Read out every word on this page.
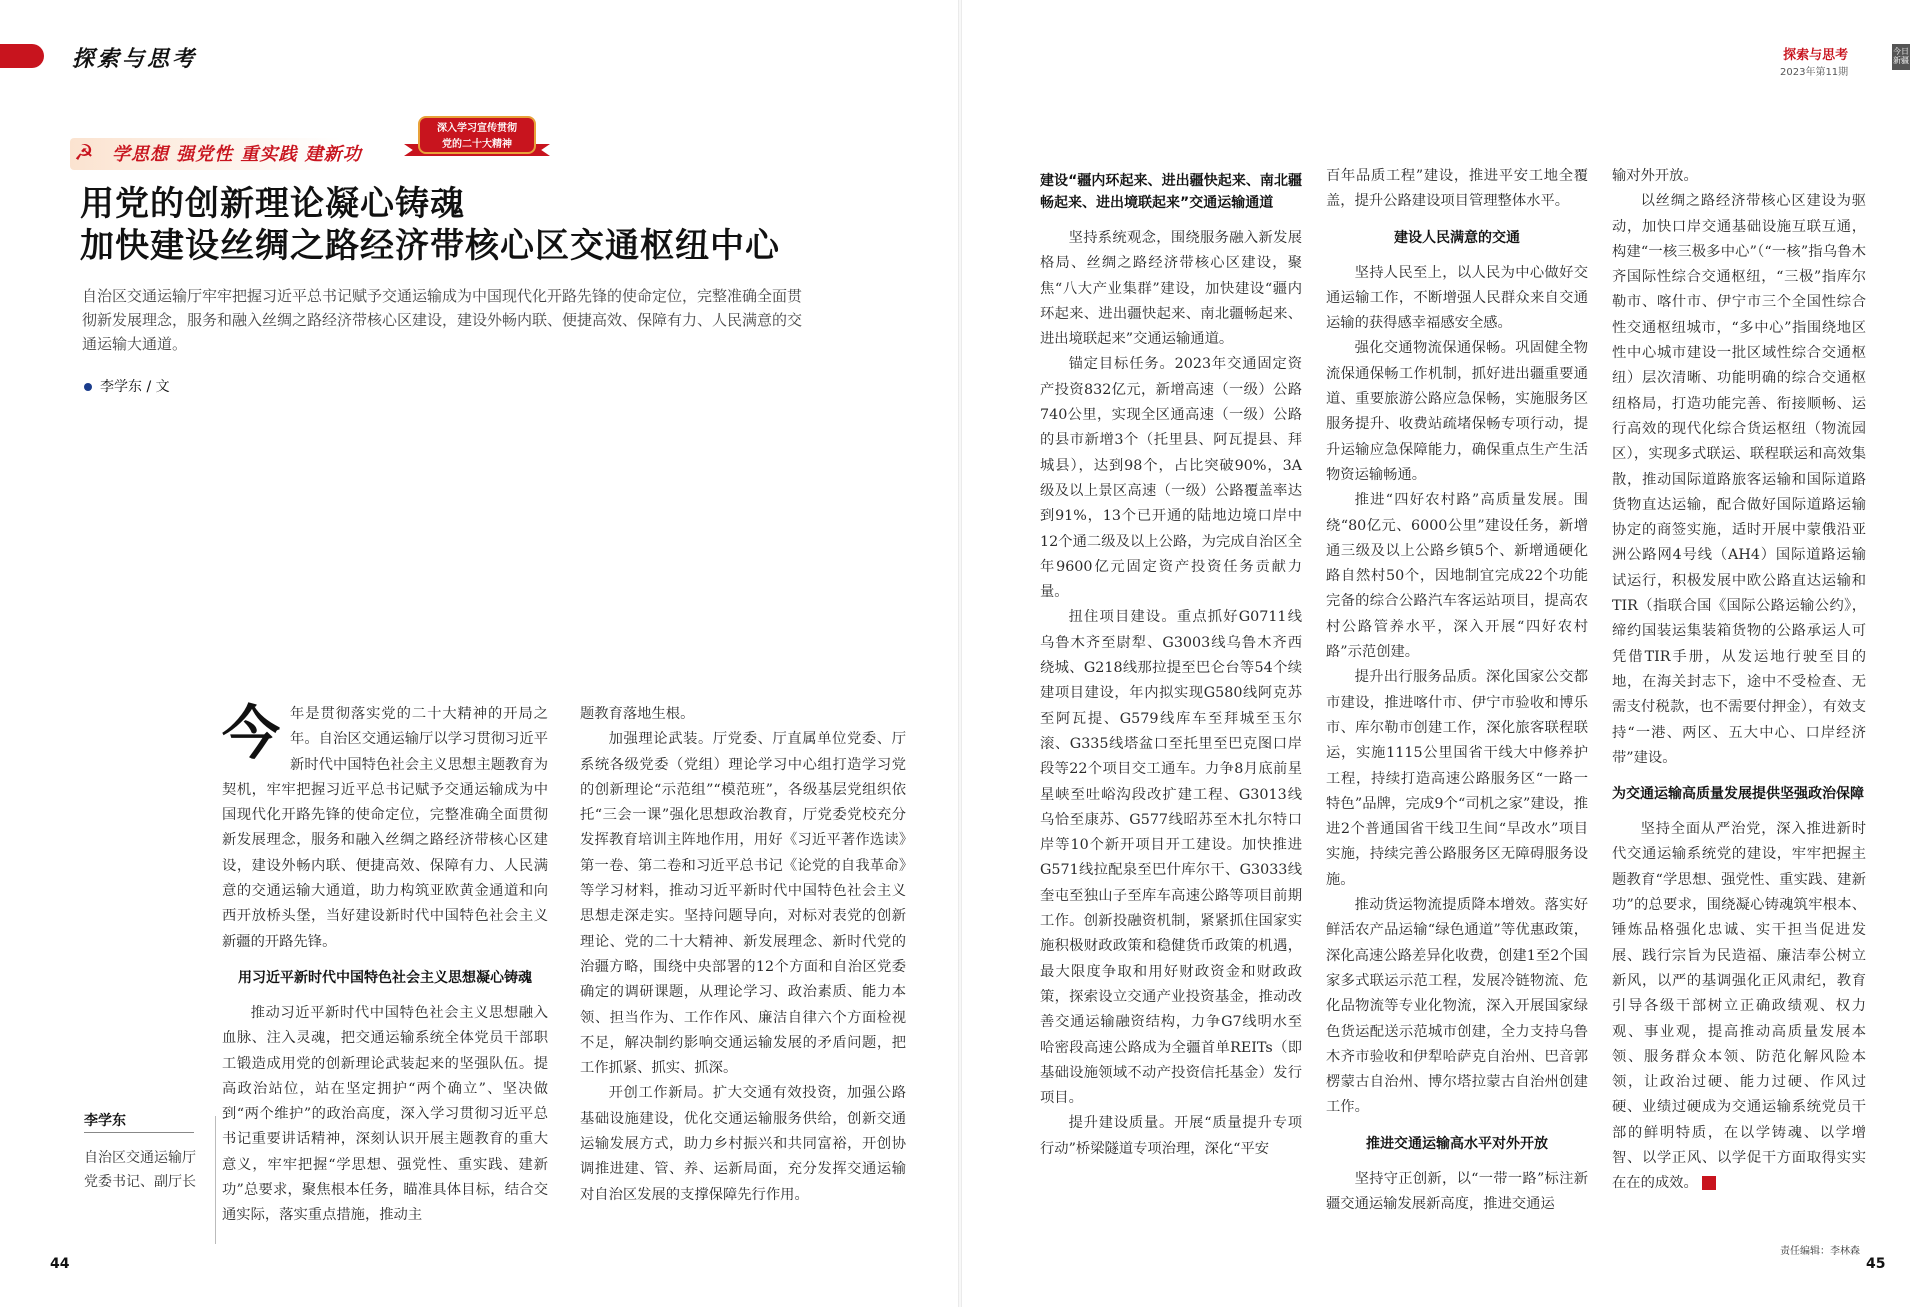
探索与思考
☭ 学思想 强党性 重实践 建新功
深入学习宣传贯彻
党的二十大精神
用党的创新理论凝心铸魂
加快建设丝绸之路经济带核心区交通枢纽中心
自治区交通运输厅牢牢把握习近平总书记赋予交通运输成为中国现代化开路先锋的使命定位，完整准确全面贯彻新发展理念，服务和融入丝绸之路经济带核心区建设，建设外畅内联、便捷高效、保障有力、人民满意的交通运输大通道。
李学东 / 文
李学东
自治区交通运输厅党委书记、副厅长

今年是贯彻落实党的二十大精神的开局之年。自治区交通运输厅以学习贯彻习近平新时代中国特色社会主义思想主题教育为契机，牢牢把握习近平总书记赋予交通运输成为中国现代化开路先锋的使命定位，完整准确全面贯彻新发展理念，服务和融入丝绸之路经济带核心区建设，建设外畅内联、便捷高效、保障有力、人民满意的交通运输大通道，助力构筑亚欧黄金通道和向西开放桥头堡，当好建设新时代中国特色社会主义新疆的开路先锋。

用习近平新时代中国特色社会主义思想凝心铸魂

推动习近平新时代中国特色社会主义思想融入血脉、注入灵魂，把交通运输系统全体党员干部职工锻造成用党的创新理论武装起来的坚强队伍。提高政治站位，站在坚定拥护“两个确立”、坚决做到“两个维护”的政治高度，深入学习贯彻习近平总书记重要讲话精神，深刻认识开展主题教育的重大意义，牢牢把握“学思想、强党性、重实践、建新功”总要求，聚焦根本任务，瞄准具体目标，结合交通实际，落实重点措施，推动主

题教育落地生根。

加强理论武装。厅党委、厅直属单位党委、厅系统各级党委（党组）理论学习中心组打造学习党的创新理论“示范组”“模范班”，各级基层党组织依托“三会一课”强化思想政治教育，厅党委党校充分发挥教育培训主阵地作用，用好《习近平著作选读》第一卷、第二卷和习近平总书记《论党的自我革命》等学习材料，推动习近平新时代中国特色社会主义思想走深走实。坚持问题导向，对标对表党的创新理论、党的二十大精神、新发展理念、新时代党的治疆方略，围绕中央部署的12个方面和自治区党委确定的调研课题，从理论学习、政治素质、能力本领、担当作为、工作作风、廉洁自律六个方面检视不足，解决制约影响交通运输发展的矛盾问题，把工作抓紧、抓实、抓深。

开创工作新局。扩大交通有效投资，加强公路基础设施建设，优化交通运输服务供给，创新交通运输发展方式，助力乡村振兴和共同富裕，开创协调推进建、管、养、运新局面，充分发挥交通运输对自治区发展的支撑保障先行作用。

44
建设“疆内环起来、进出疆快起来、南北疆畅起来、进出境联起来”交通运输通道

坚持系统观念，围绕服务融入新发展格局、丝绸之路经济带核心区建设，聚焦“八大产业集群”建设，加快建设“疆内环起来、进出疆快起来、南北疆畅起来、进出境联起来”交通运输通道。

锚定目标任务。2023年交通固定资产投资832亿元，新增高速（一级）公路740公里，实现全区通高速（一级）公路的县市新增3个（托里县、阿瓦提县、拜城县），达到98个，占比突破90%，3A级及以上景区高速（一级）公路覆盖率达到91%，13个已开通的陆地边境口岸中12个通二级及以上公路，为完成自治区全年9600亿元固定资产投资任务贡献力量。

扭住项目建设。重点抓好G0711线乌鲁木齐至尉犁、G3003线乌鲁木齐西绕城、G218线那拉提至巴仑台等54个续建项目建设，年内拟实现G580线阿克苏至阿瓦提、G579线库车至拜城至玉尔滚、G335线塔盆口至托里至巴克图口岸段等22个项目交工通车。力争8月底前星星峡至吐峪沟段改扩建工程、G3013线乌恰至康苏、G577线昭苏至木扎尔特口岸等10个新开项目开工建设。加快推进G571线拉配泉至巴什库尔干、G3033线奎屯至独山子至库车高速公路等项目前期工作。创新投融资机制，紧紧抓住国家实施积极财政政策和稳健货币政策的机遇，最大限度争取和用好财政资金和财政政策，探索设立交通产业投资基金，推动改善交通运输融资结构，力争G7线明水至哈密段高速公路成为全疆首单REITs（即基础设施领域不动产投资信托基金）发行项目。

提升建设质量。开展“质量提升专项行动”桥梁隧道专项治理，深化“平安

百年品质工程”建设，推进平安工地全覆盖，提升公路建设项目管理整体水平。

建设人民满意的交通

坚持人民至上，以人民为中心做好交通运输工作，不断增强人民群众来自交通运输的获得感幸福感安全感。

强化交通物流保通保畅。巩固健全物流保通保畅工作机制，抓好进出疆重要通道、重要旅游公路应急保畅，实施服务区服务提升、收费站疏堵保畅专项行动，提升运输应急保障能力，确保重点生产生活物资运输畅通。

推进“四好农村路”高质量发展。围绕“80亿元、6000公里”建设任务，新增通三级及以上公路乡镇5个、新增通硬化路自然村50个，因地制宜完成22个功能完备的综合公路汽车客运站项目，提高农村公路管养水平，深入开展“四好农村路”示范创建。

提升出行服务品质。深化国家公交都市建设，推进喀什市、伊宁市验收和博乐市、库尔勒市创建工作，深化旅客联程联运，实施1115公里国省干线大中修养护工程，持续打造高速公路服务区“一路一特色”品牌，完成9个“司机之家”建设，推进2个普通国省干线卫生间“旱改水”项目实施，持续完善公路服务区无障碍服务设施。

推动货运物流提质降本增效。落实好鲜活农产品运输“绿色通道”等优惠政策，深化高速公路差异化收费，创建1至2个国家多式联运示范工程，发展冷链物流、危化品物流等专业化物流，深入开展国家绿色货运配送示范城市创建，全力支持乌鲁木齐市验收和伊犁哈萨克自治州、巴音郭楞蒙古自治州、博尔塔拉蒙古自治州创建工作。

推进交通运输高水平对外开放

坚持守正创新，以“一带一路”标注新疆交通运输发展新高度，推进交通运

输对外开放。

以丝绸之路经济带核心区建设为驱动，加快口岸交通基础设施互联互通，构建“一核三极多中心”（“一核”指乌鲁木齐国际性综合交通枢纽，“三极”指库尔勒市、喀什市、伊宁市三个全国性综合性交通枢纽城市，“多中心”指围绕地区性中心城市建设一批区域性综合交通枢纽）层次清晰、功能明确的综合交通枢纽格局，打造功能完善、衔接顺畅、运行高效的现代化综合货运枢纽（物流园区），实现多式联运、联程联运和高效集散，推动国际道路旅客运输和国际道路货物直达运输，配合做好国际道路运输协定的商签实施，适时开展中蒙俄沿亚洲公路网4号线（AH4）国际道路运输试运行，积极发展中欧公路直达运输和TIR（指联合国《国际公路运输公约》，缔约国装运集装箱货物的公路承运人可凭借TIR手册，从发运地行驶至目的地，在海关封志下，途中不受检查、无需支付税款，也不需要付押金），有效支持“一港、两区、五大中心、口岸经济带”建设。

为交通运输高质量发展提供坚强政治保障

坚持全面从严治党，深入推进新时代交通运输系统党的建设，牢牢把握主题教育“学思想、强党性、重实践、建新功”的总要求，围绕凝心铸魂筑牢根本、锤炼品格强化忠诚、实干担当促进发展、践行宗旨为民造福、廉洁奉公树立新风，以严的基调强化正风肃纪，教育引导各级干部树立正确政绩观、权力观、事业观，提高推动高质量发展本领、服务群众本领、防范化解风险本领，让政治过硬、能力过硬、作风过硬、业绩过硬成为交通运输系统党员干部的鲜明特质，在以学铸魂、以学增智、以学正风、以学促干方面取得实实在在的成效。

45
探索与思考
2023年第11期
今日新疆
责任编辑：李林森
